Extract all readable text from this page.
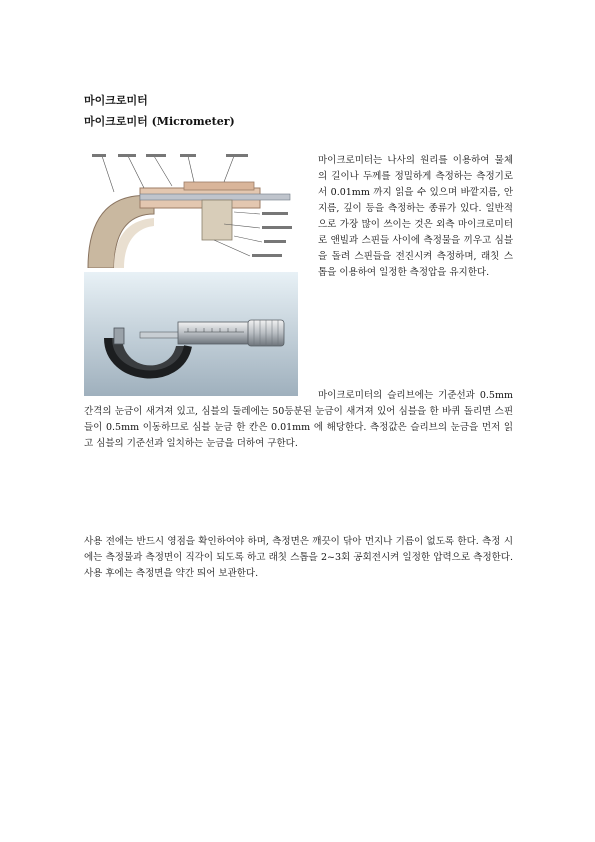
마이크로미터
마이크로미터 (Micrometer)

마이크로미터는 나사의 원리를 이용하여 물체의 길이나 두께를 정밀하게 측정하는 측정기로서 0.01mm 까지 읽을 수 있으며 바깥지름, 안지름, 깊이 등을 측정하는 종류가 있다. 일반적으로 가장 많이 쓰이는 것은 외측 마이크로미터로 앤빌과 스핀들 사이에 측정물을 끼우고 심블을 돌려 스핀들을 전진시켜 측정하며, 래칫 스톱을 이용하여 일정한 측정압을 유지한다.

마이크로미터의 슬리브에는 기준선과 0.5mm 간격의 눈금이 새겨져 있고, 심블의 둘레에는 50등분된 눈금이 새겨져 있어 심블을 한 바퀴 돌리면 스핀들이 0.5mm 이동하므로 심블 눈금 한 칸은 0.01mm 에 해당한다. 측정값은 슬리브의 눈금을 먼저 읽고 심블의 기준선과 일치하는 눈금을 더하여 구한다.

사용 전에는 반드시 영점을 확인하여야 하며, 측정면은 깨끗이 닦아 먼지나 기름이 없도록 한다. 측정 시에는 측정물과 측정면이 직각이 되도록 하고 래칫 스톱을 2~3회 공회전시켜 일정한 압력으로 측정한다. 사용 후에는 측정면을 약간 띄어 보관한다.
